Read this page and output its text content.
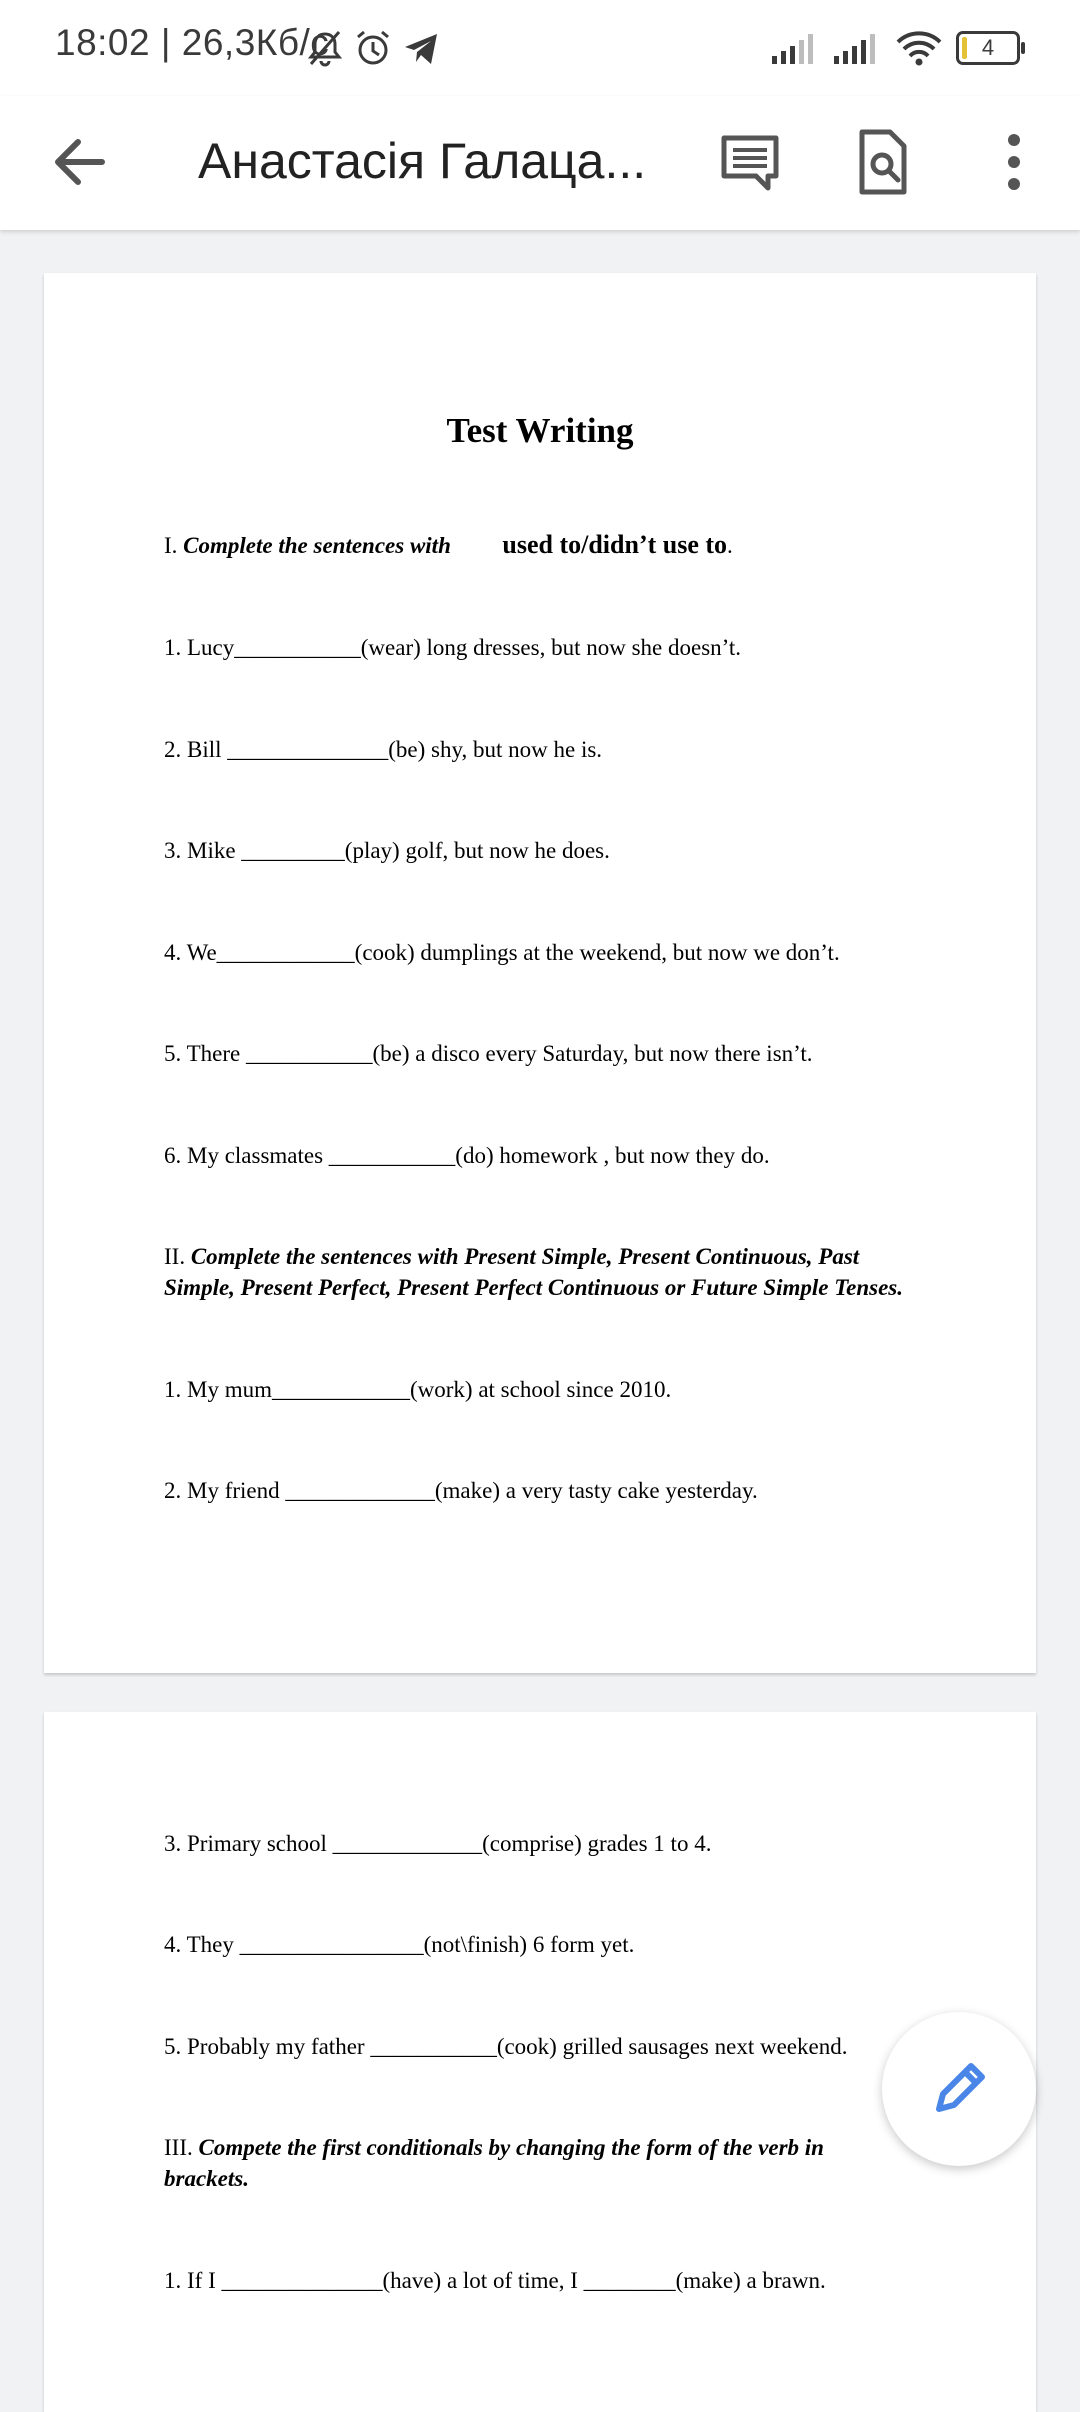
18:02 | 26,3Кб/с	4
Анастасія Галаца...
Test Writing
I. Complete the sentences with used to/didn’t use to.
1. Lucy___________(wear) long dresses, but now she doesn’t.
2. Bill ______________(be) shy, but now he is.
3. Mike _________(play) golf, but now he does.
4. We____________(cook) dumplings at the weekend, but now we don’t.
5. There ___________(be) a disco every Saturday, but now there isn’t.
6. My classmates ___________(do) homework , but now they do.
II. Complete the sentences with Present Simple, Present Continuous, Past
Simple, Present Perfect, Present Perfect Continuous or Future Simple Tenses.
1. My mum____________(work) at school since 2010.
2. My friend _____________(make) a very tasty cake yesterday.
3. Primary school _____________(comprise) grades 1 to 4.
4. They ________________(not\finish) 6 form yet.
5. Probably my father ___________(cook) grilled sausages next weekend.
III. Compete the first conditionals by changing the form of the verb in
brackets.
1. If I ______________(have) a lot of time, I ________(make) a brawn.
